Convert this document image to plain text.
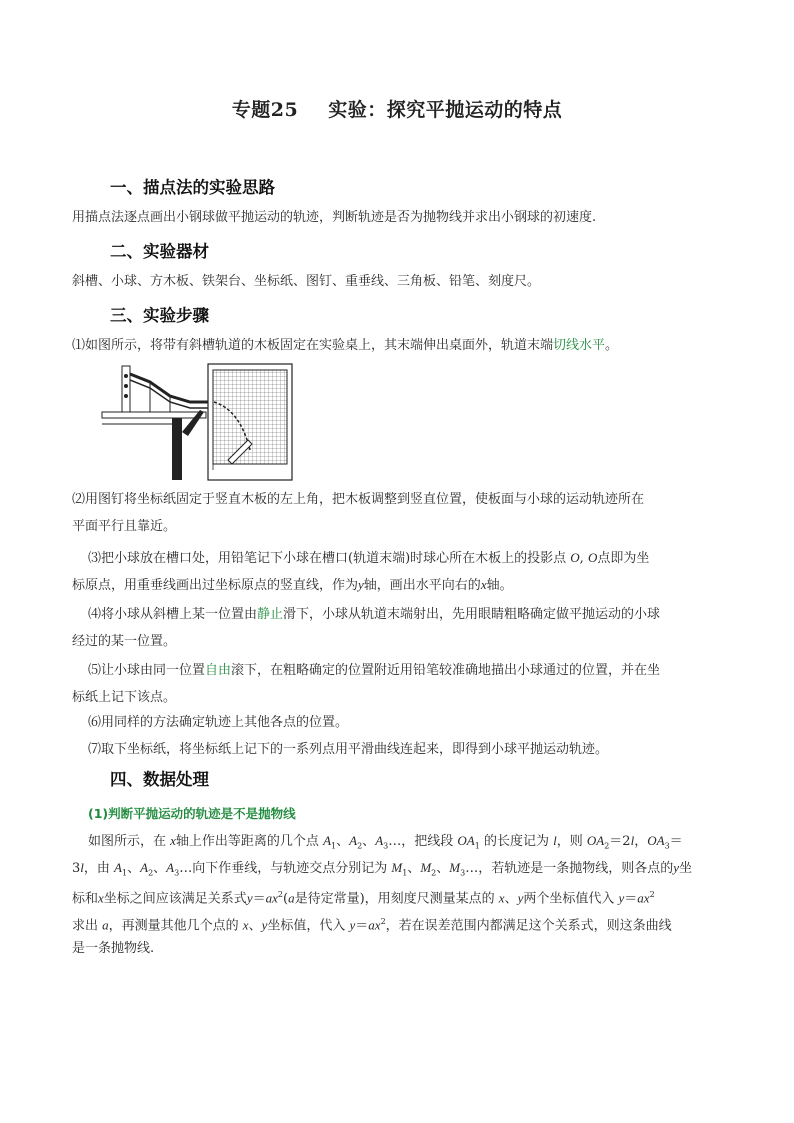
专题25 实验：探究平抛运动的特点
一、描点法的实验思路
用描点法逐点画出小钢球做平抛运动的轨迹，判断轨迹是否为抛物线并求出小钢球的初速度.
二、实验器材
斜槽、小球、方木板、铁架台、坐标纸、图钉、重垂线、三角板、铅笔、刻度尺。
三、实验步骤
⑴如图所示，将带有斜槽轨道的木板固定在实验桌上，其末端伸出桌面外，轨道末端切线水平。
⑵用图钉将坐标纸固定于竖直木板的左上角，把木板调整到竖直位置，使板面与小球的运动轨迹所在
平面平行且靠近。
⑶把小球放在槽口处，用铅笔记下小球在槽口(轨道末端)时球心所在木板上的投影点 O, O点即为坐
标原点，用重垂线画出过坐标原点的竖直线，作为y轴，画出水平向右的x轴。
⑷将小球从斜槽上某一位置由静止滑下，小球从轨道末端射出，先用眼睛粗略确定做平抛运动的小球
经过的某一位置。
⑸让小球由同一位置自由滚下，在粗略确定的位置附近用铅笔较准确地描出小球通过的位置，并在坐
标纸上记下该点。
⑹用同样的方法确定轨迹上其他各点的位置。
⑺取下坐标纸，将坐标纸上记下的一系列点用平滑曲线连起来，即得到小球平抛运动轨迹。
四、数据处理
(1)判断平抛运动的轨迹是不是抛物线
如图所示，在 x轴上作出等距离的几个点 $A_1$、$A_2$、$A_3\dots$，把线段 $OA_1$ 的长度记为 l，则 $OA_2=2l$，$OA_3=$
3l，由 $A_1$、$A_2$、$A_3\dots$向下作垂线，与轨迹交点分别记为 $M_1$、$M_2$、$M_3\dots$，若轨迹是一条抛物线，则各点的y坐
标和x坐标之间应该满足关系式$y=ax^2(a$是待定常量)，用刻度尺测量某点的 x、y两个坐标值代入 $y=ax^2$
求出 a，再测量其他几个点的 x、y坐标值，代入 $y=ax^2$，若在误差范围内都满足这个关系式，则这条曲线
是一条抛物线.
